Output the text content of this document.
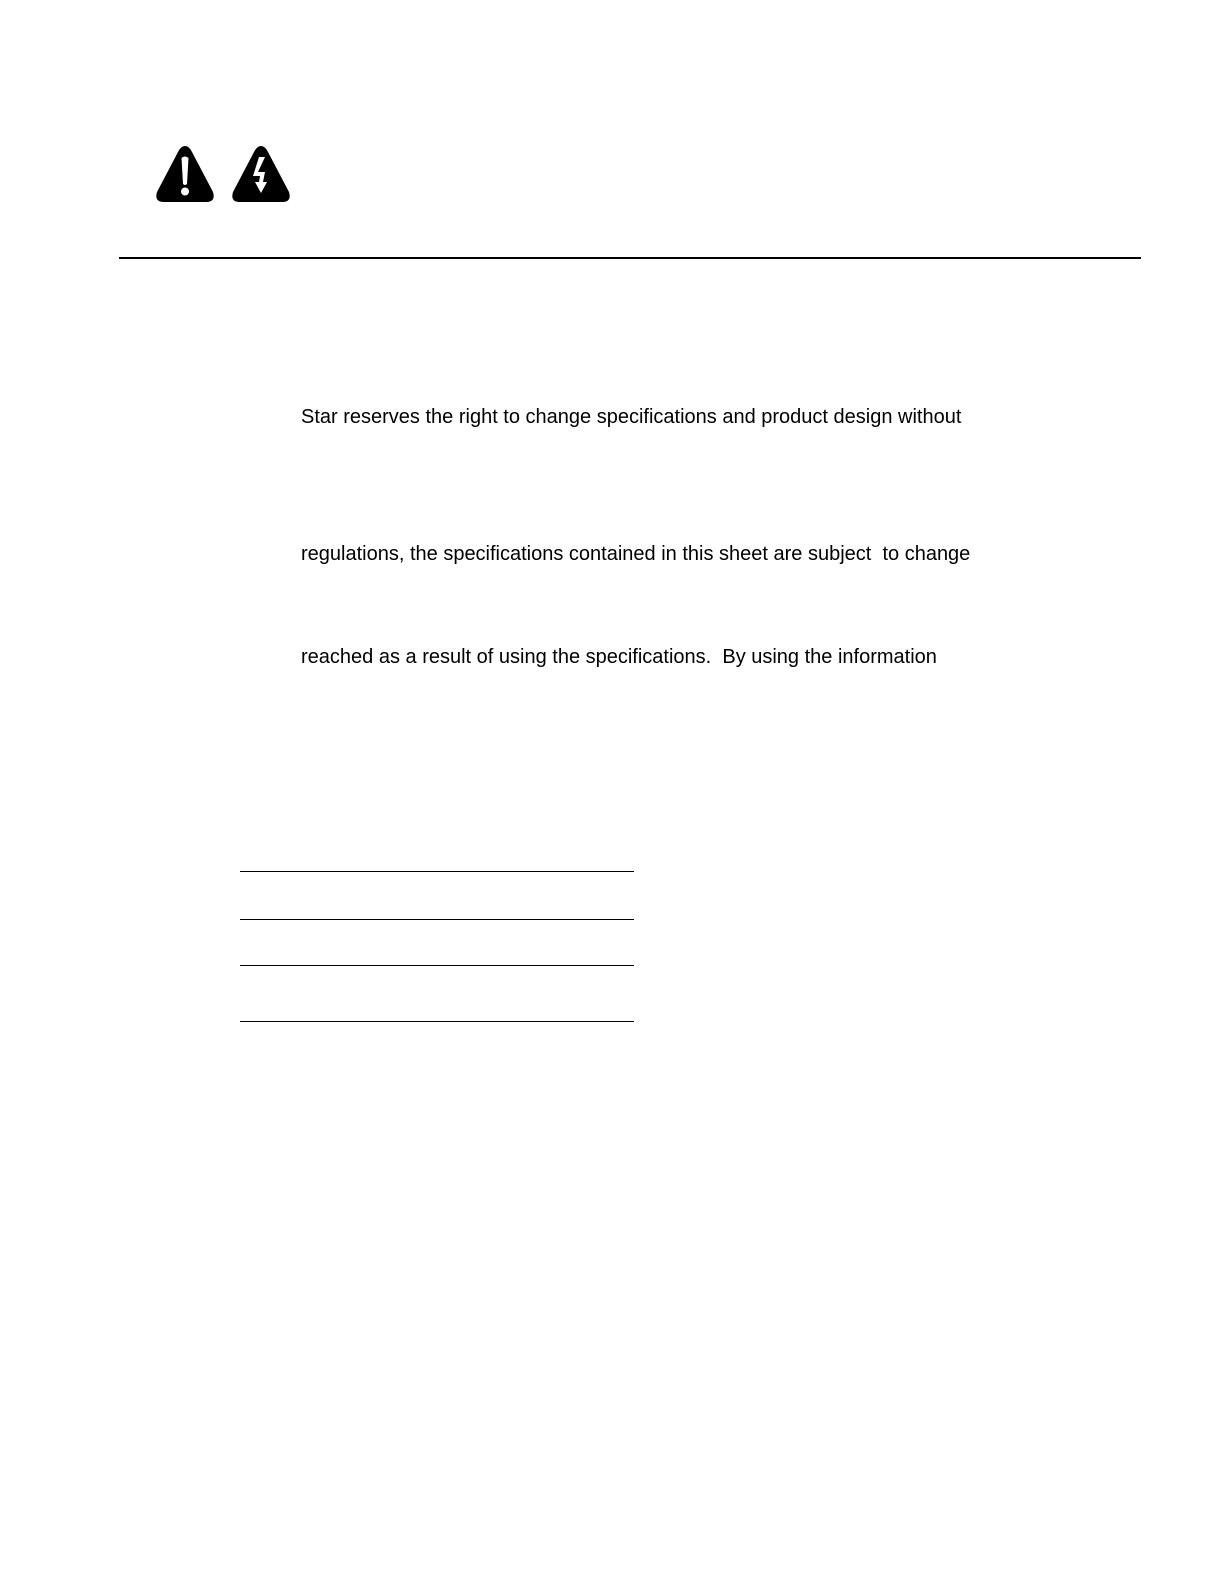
Star reserves the right to change specifications and product design without
regulations, the specifications contained in this sheet are subject  to change
reached as a result of using the specifications.  By using the information
